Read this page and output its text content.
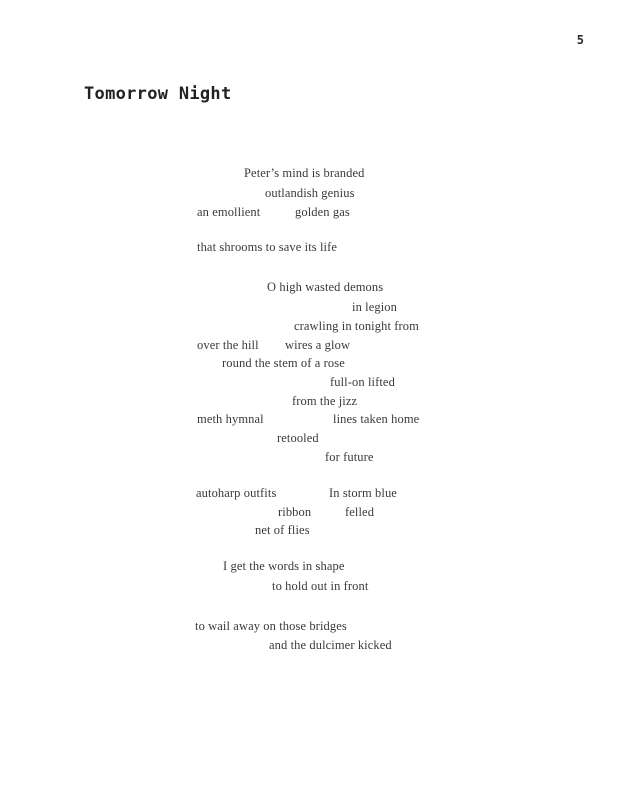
5
Tomorrow Night
Peter’s mind is branded
outlandish genius
an emollient	golden gas
that shrooms to save its life
O high wasted demons
in legion
crawling in tonight from
over the hill wires a glow
round the stem of a rose
full-on lifted
from the jizz
meth hymnal	lines taken home
retooled
for future
autoharp outfits	In storm blue
ribbon	felled
net of flies
I get the words in shape
to hold out in front
to wail away on those bridges
and the dulcimer kicked
